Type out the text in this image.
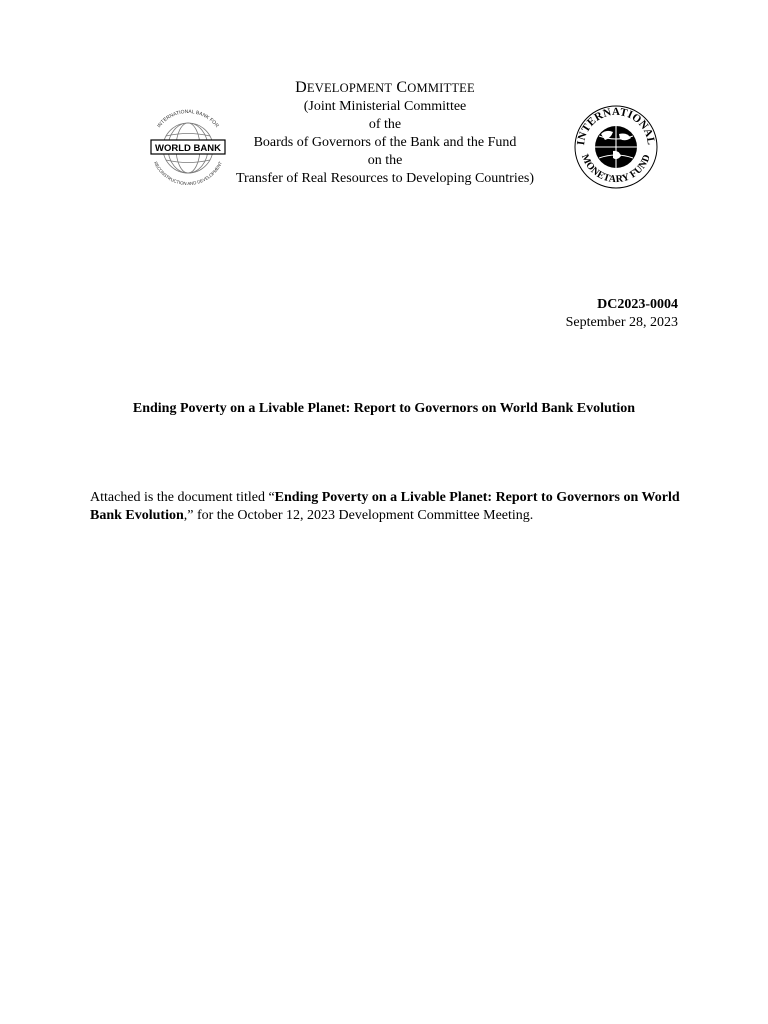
WORLD BANK
INTERNATIONAL BANK FOR
RECONSTRUCTION AND DEVELOPMENT
DEVELOPMENT COMMITTEE
(Joint Ministerial Committee
of the
Boards of Governors of the Bank and the Fund
on the
Transfer of Real Resources to Developing Countries)
INTERNATIONAL
MONETARY FUND
DC2023-0004
September 28, 2023
Ending Poverty on a Livable Planet: Report to Governors on World Bank Evolution
Attached is the document titled “Ending Poverty on a Livable Planet: Report to Governors on World Bank Evolution,” for the October 12, 2023 Development Committee Meeting.
